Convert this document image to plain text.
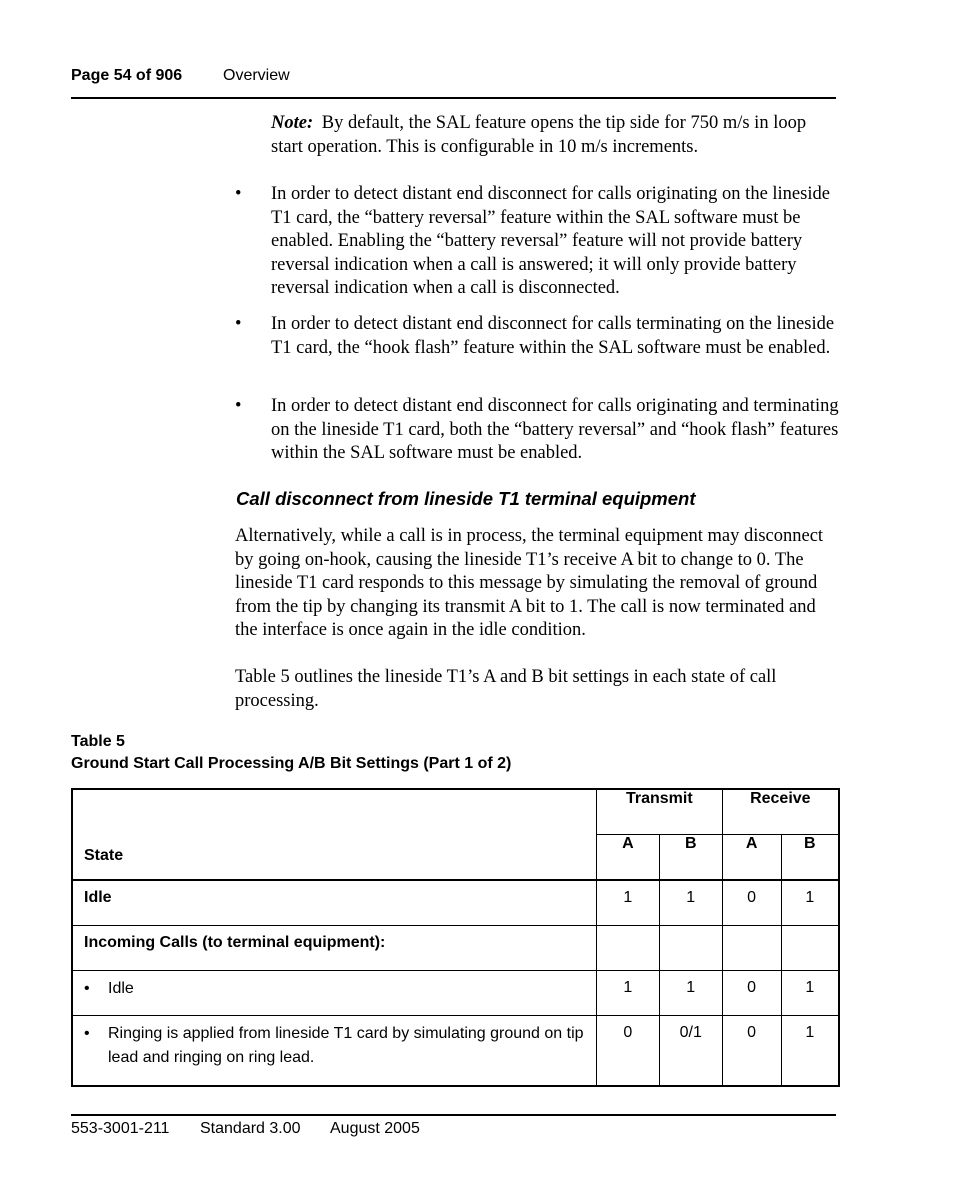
Page 54 of 906	Overview
Note: By default, the SAL feature opens the tip side for 750 m/s in loop start operation. This is configurable in 10 m/s increments.
• In order to detect distant end disconnect for calls originating on the lineside T1 card, the “battery reversal” feature within the SAL software must be enabled. Enabling the “battery reversal” feature will not provide battery reversal indication when a call is answered; it will only provide battery reversal indication when a call is disconnected.
• In order to detect distant end disconnect for calls terminating on the lineside T1 card, the “hook flash” feature within the SAL software must be enabled.
• In order to detect distant end disconnect for calls originating and terminating on the lineside T1 card, both the “battery reversal” and “hook flash” features within the SAL software must be enabled.
Call disconnect from lineside T1 terminal equipment
Alternatively, while a call is in process, the terminal equipment may disconnect by going on-hook, causing the lineside T1’s receive A bit to change to 0. The lineside T1 card responds to this message by simulating the removal of ground from the tip by changing its transmit A bit to 1. The call is now terminated and the interface is once again in the idle condition.
Table 5 outlines the lineside T1’s A and B bit settings in each state of call processing.
Table 5
Ground Start Call Processing A/B Bit Settings (Part 1 of 2)
State	Transmit		Receive	
	A	B	A	B
Idle	1	1	0	1
Incoming Calls (to terminal equipment):				

• Idle	1	1	0	1

• Ringing is applied from lineside T1 card by simulating ground on tip lead and ringing on ring lead.	0	0/1	0	1
553-3001-211 Standard 3.00 August 2005
